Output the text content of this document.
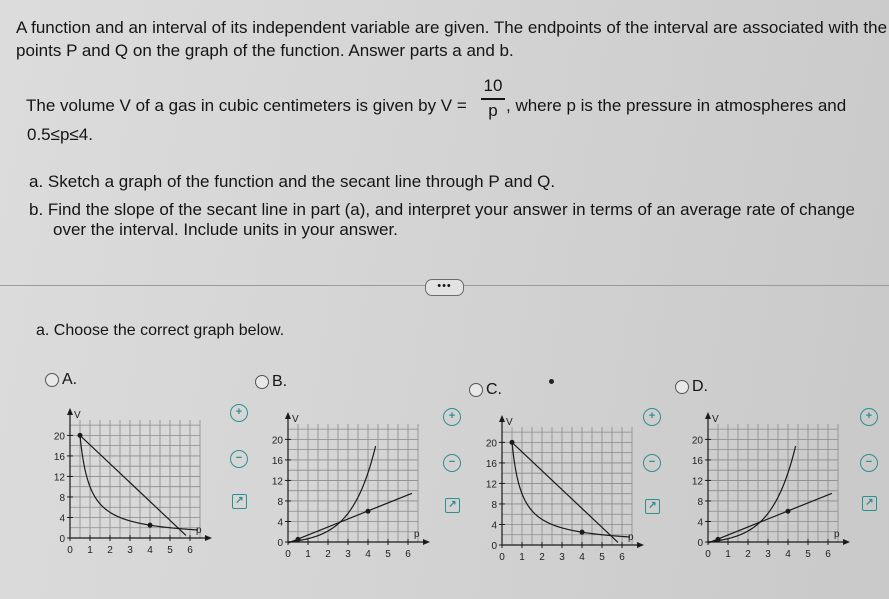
A function and an interval of its independent variable are given. The endpoints of the interval are associated with the points P and Q on the graph of the function. Answer parts a and b.
The volume V of a gas in cubic centimeters is given by V =
10
p , where p is the pressure in atmospheres and
0.5≤p≤4.
a. Sketch a graph of the function and the secant line through P and Q.
b. Find the slope of the secant line in part (a), and interpret your answer in terms of an average rate of change
over the interval. Include units in your answer.
•••
a. Choose the correct graph below.
A.
20
16
12
8
4
0
0 1 2 3 4 5 6
V
p
+
−
↗
B.
20
16
12
8
4
0
0 1 2 3 4 5 6
V
p
+
−
↗
C.
20
16
12
8
4
0
0 1 2 3 4 5 6
V
p
+
−
↗
D.
20
16
12
8
4
0
0 1 2 3 4 5 6
V
p
+
−
↗
